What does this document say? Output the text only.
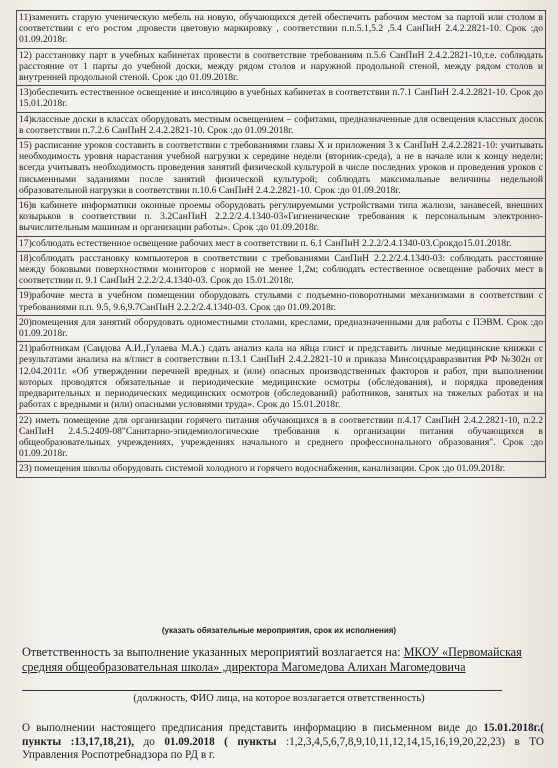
11)заменить старую ученическую мебель на новую, обучающихся детей обеспечить рабочим местом за партой или столом в соответствии с его ростом ,провести цветовую маркировку , соответствии п.п.5.1,5.2 ,5.4 СанПиН 2.4.2.2821-10. Срок :до 01.09.2018г.
12) расстановку парт в учебных кабинетах провести в соответствие требованиям п.5.6 СанПиН 2.4.2.2821-10,т.е. соблюдать расстояние от 1 парты до учебной доски, между рядом столов и наружной продольной стеной, между рядом столов и внутренней продольной стеной. Срок :до 01.09.2018г.
13)обеспечить естественное освещение и инсоляцию в учебных кабинетах в соответствии п.7.1 СанПиН 2.4.2.2821-10. Срок до 15.01.2018г.
14)классные доски в классах оборудовать местным освещением – софитами, предназначенные для освещения классных досок в соответствии п.7.2.6 СанПиН 2.4.2.2821-10. Срок :до 01.09.2018г.
15) расписание уроков составить в соответствии с требованиями главы X и приложения 3 к СанПиН 2.4.2.2821-10: учитывать необходимость уровня нарастания учебной нагрузки к середине недели (вторник-среда), а не в начале или к концу недели; всегда учитывать необходимость проведения занятий физической культурой в числе последних уроков и проведения уроков с письменными заданиями после занятий физической культурой; соблюдать максимальные величины недельной образовательной нагрузки в соответствии п.10.6 СанПиН 2.4.2.2821-10. Срок :до 01.09.2018г.
16)в кабинете информатики оконные проемы оборудовать регулируемыми устройствами типа жалюзи, занавесей, внешних козырьков в соответствии п. 3.2СанПиН 2.2.2/2.4.1340-03«Гигиенические требования к персональным электронно-вычислительным машинам и организации работы». Срок :до 01.09.2018г.
17)соблюдать естественное освещение рабочих мест в соответствии п. 6.1 СанПиН 2.2.2/2.4.1340-03.Срокдо15.01.2018г.
18)соблюдать расстановку компьютеров в соответствии с требованиями СанПиН 2.2.2/2.4.1340-03: соблюдать расстояние между боковыми поверхностями мониторов с нормой не менее 1,2м; соблюдать естественное освещение рабочих мест в соответствии п. 9.1 СанПиН 2.2.2/2.4.1340-03. Срок до 15.01.2018г.
19)рабочие места в учебном помещении оборудовать стульями с подъемно-поворотными механизмами в соответствии с требованиями п.п. 9.5, 9.6,9.7СанПиН 2.2.2/2.4.1340-03. Срок :до 01.09.2018г.
20)помещения для занятий оборудовать одноместными столами, креслами, предназначенными для работы с ПЭВМ. Срок :до 01.09.2018г.
21)работникам (Саидова А.И.,Гулаева М.А.) сдать анализ кала на яйца глист и представить личные медицинские книжки с результатами анализа на я/глист в соответствии п.13.1 СанПиН 2.4.2.2821-10 и приказа Минсоцздравразвития РФ №302н от 12.04.2011г. «Об утверждении перечней вредных и (или) опасных производственных факторов и работ, при выполнении которых проводятся обязательные и периодические медицинские осмотры (обследования), и порядка проведения предварительных и периодических медицинских осмотров (обследований) работников, занятых на тяжелых работах и на работах с вредными и (или) опасными условиями труда». Срок до 15.01.2018г.
22) иметь помещение для организации горячего питания обучающихся в в соответствии п.4.17 СанПиН 2.4.2.2821-10, п.2.2 СанПиН 2.4.5.2409-08"Санитарно-эпидемиологические требования к организации питания обучающихся в общеобразовательных учреждениях, учреждениях начального и среднего профессионального образования". Срок :до 01.09.2018г.
23) помещения школы оборудовать системой холодного и горячего водоснабжения, канализации. Срок :до 01.09.2018г.
(указать обязательные мероприятия, срок их исполнения)
Ответственность за выполнение указанных мероприятий возлагается на: МКОУ «Первомайская средняя общеобразовательная школа» ,директора Магомедова Алихан Магомедовича
(должность, ФИО лица, на которое возлагается ответственность)
О выполнении настоящего предписания представить информацию в письменном виде до 15.01.2018г.( пункты :13,17,18,21), до 01.09.2018 ( пункты :1,2,3,4,5,6,7,8,9,10,11,12,14,15,16,19,20,22,23) в ТО Управления Роспотребнадзора по РД в г.
